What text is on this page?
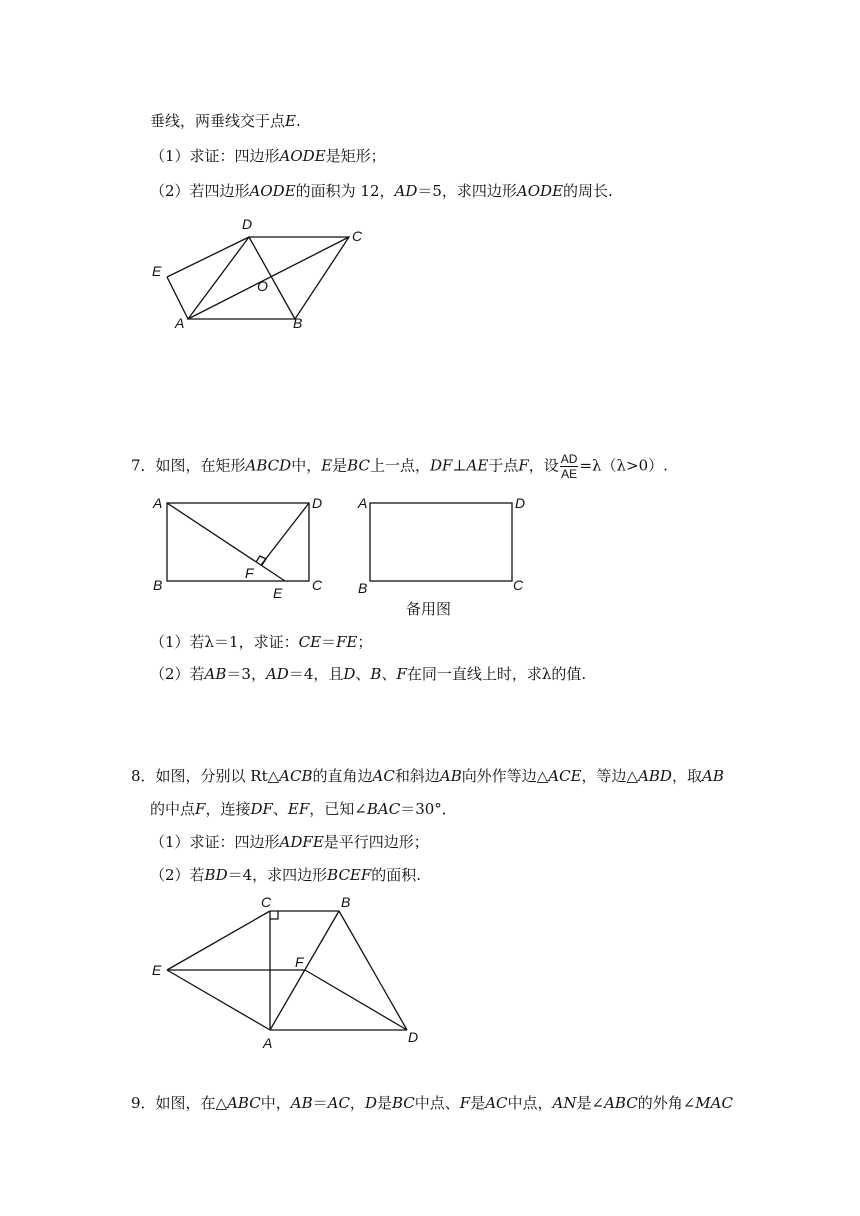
垂线，两垂线交于点E.
（1）求证：四边形AODE是矩形；
（2）若四边形AODE的面积为 12，AD＝5，求四边形AODE的周长.
D
C
E
O
A	B
7．如图，在矩形ABCD中，E是BC上一点，DF⊥AE于点F，设 $\frac{AD}{AE} =\lambda(\lambda>0)$.
A	D
B	C
F
E
A	D
B	C
备用图
（1）若λ＝1，求证：CE＝FE；
（2）若AB＝3，AD＝4，且D、B、F在同一直线上时，求λ的值.
8．如图，分别以 Rt△ACB的直角边AC和斜边AB向外作等边△ACE，等边△ABD，取AB
的中点F，连接DF、EF，已知∠BAC＝30°．
（1）求证：四边形ADFE是平行四边形；
（2）若BD＝4，求四边形BCEF的面积.
C	B
E	F
A	D
9．如图，在△ABC中，AB＝AC，D是BC中点、F是AC中点，AN是∠ABC的外角∠MAC
